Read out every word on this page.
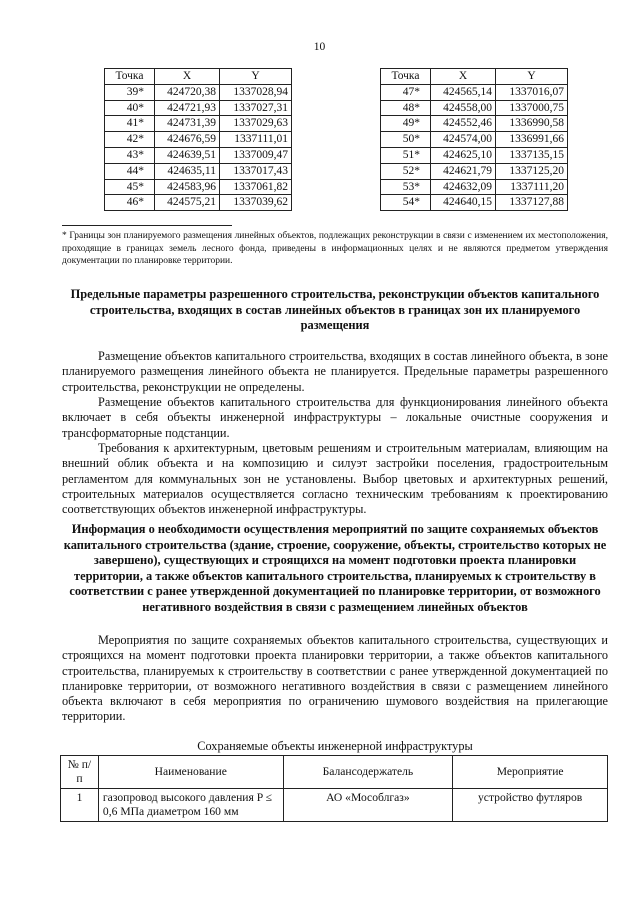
10
Точка	X	Y
39*	424720,38	1337028,94
40*	424721,93	1337027,31
41*	424731,39	1337029,63
42*	424676,59	1337111,01
43*	424639,51	1337009,47
44*	424635,11	1337017,43
45*	424583,96	1337061,82
46*	424575,21	1337039,62
Точка	X	Y
47*	424565,14	1337016,07
48*	424558,00	1337000,75
49*	424552,46	1336990,58
50*	424574,00	1336991,66
51*	424625,10	1337135,15
52*	424621,79	1337125,20
53*	424632,09	1337111,20
54*	424640,15	1337127,88
* Границы зон планируемого размещения линейных объектов, подлежащих реконструкции в связи с изменением их местоположения, проходящие в границах земель лесного фонда, приведены в информационных целях и не являются предметом утверждения документации по планировке территории.
Предельные параметры разрешенного строительства, реконструкции объектов капитального строительства, входящих в состав линейных объектов в границах зон их планируемого размещения

Размещение объектов капитального строительства, входящих в состав линейного объекта, в зоне планируемого размещения линейного объекта не планируется. Предельные параметры разрешенного строительства, реконструкции не определены.

Размещение объектов капитального строительства для функционирования линейного объекта включает в себя объекты инженерной инфраструктуры – локальные очистные сооружения и трансформаторные подстанции.

Требования к архитектурным, цветовым решениям и строительным материалам, влияющим на внешний облик объекта и на композицию и силуэт застройки поселения, градостроительным регламентом для коммунальных зон не установлены. Выбор цветовых и архитектурных решений, строительных материалов осуществляется согласно техническим требованиям к проектированию соответствующих объектов инженерной инфраструктуры.

Информация о необходимости осуществления мероприятий по защите сохраняемых объектов капитального строительства (здание, строение, сооружение, объекты, строительство которых не завершено), существующих и строящихся на момент подготовки проекта планировки территории, а также объектов капитального строительства, планируемых к строительству в соответствии с ранее утвержденной документацией по планировке территории, от возможного негативного воздействия в связи с размещением линейных объектов

Мероприятия по защите сохраняемых объектов капитального строительства, существующих и строящихся на момент подготовки проекта планировки территории, а также объектов капитального строительства, планируемых к строительству в соответствии с ранее утвержденной документацией по планировке территории, от возможного негативного воздействия в связи с размещением линейного объекта включают в себя мероприятия по ограничению шумового воздействия на прилегающие территории.

Сохраняемые объекты инженерной инфраструктуры
№ п/п	Наименование	Балансодержатель	Мероприятие
1	газопровод высокого давления P ≤ 0,6 МПа диаметром 160 мм	АО «Мособлгаз»	устройство футляров
